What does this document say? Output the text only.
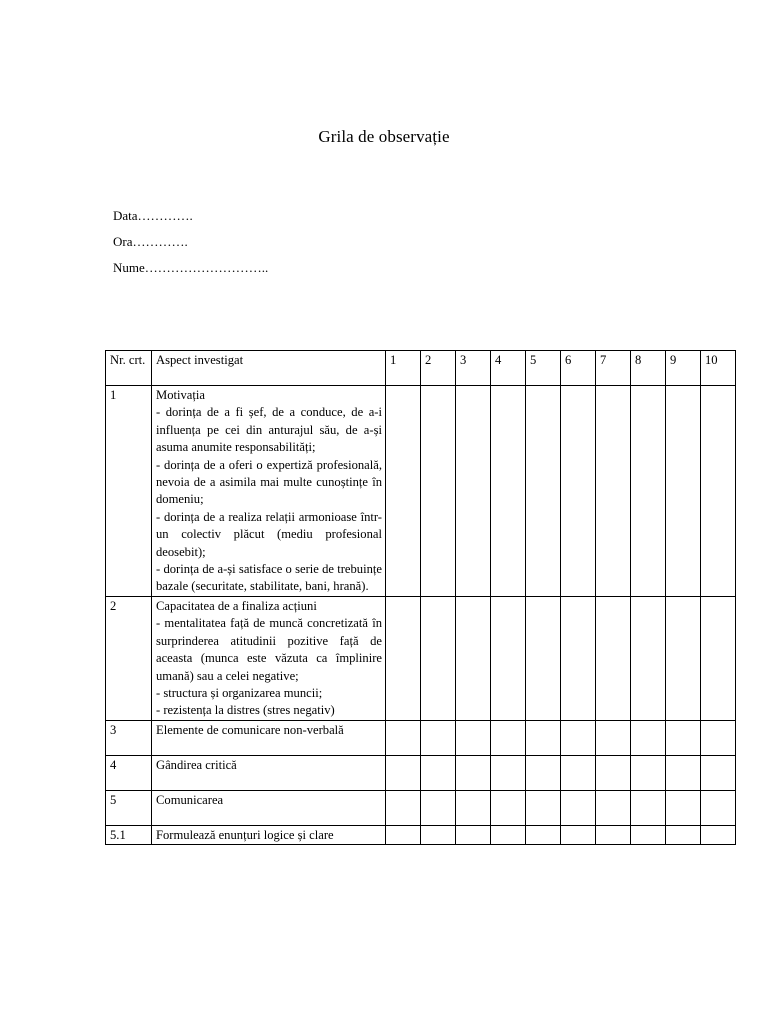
Grila de observație
Data………….
Ora………….
Nume………………………..
Nr. crt.	Aspect investigat	1	2	3	4	5	6	7	8	9	10
1	Motivația
- dorința de a fi șef, de a conduce, de a-i influența pe cei din anturajul său, de a-și asuma anumite responsabilități;
- dorința de a oferi o expertiză profesională, nevoia de a asimila mai multe cunoștințe în domeniu;
- dorința de a realiza relații armonioase într-un colectiv plăcut (mediu profesional deosebit);
- dorința de a-și satisface o serie de trebuințe bazale (securitate, stabilitate, bani, hrană).										

2	Capacitatea de a finaliza acțiuni
- mentalitatea față de muncă concretizată în surprinderea atitudinii pozitive față de aceasta (munca este văzuta ca împlinire umană) sau a celei negative;
- structura și organizarea muncii;
- rezistența la distres (stres negativ)										

3	Elemente de comunicare non-verbală										

4	Gândirea critică										

5	Comunicarea										

5.1	Formulează enunțuri logice și clare										
